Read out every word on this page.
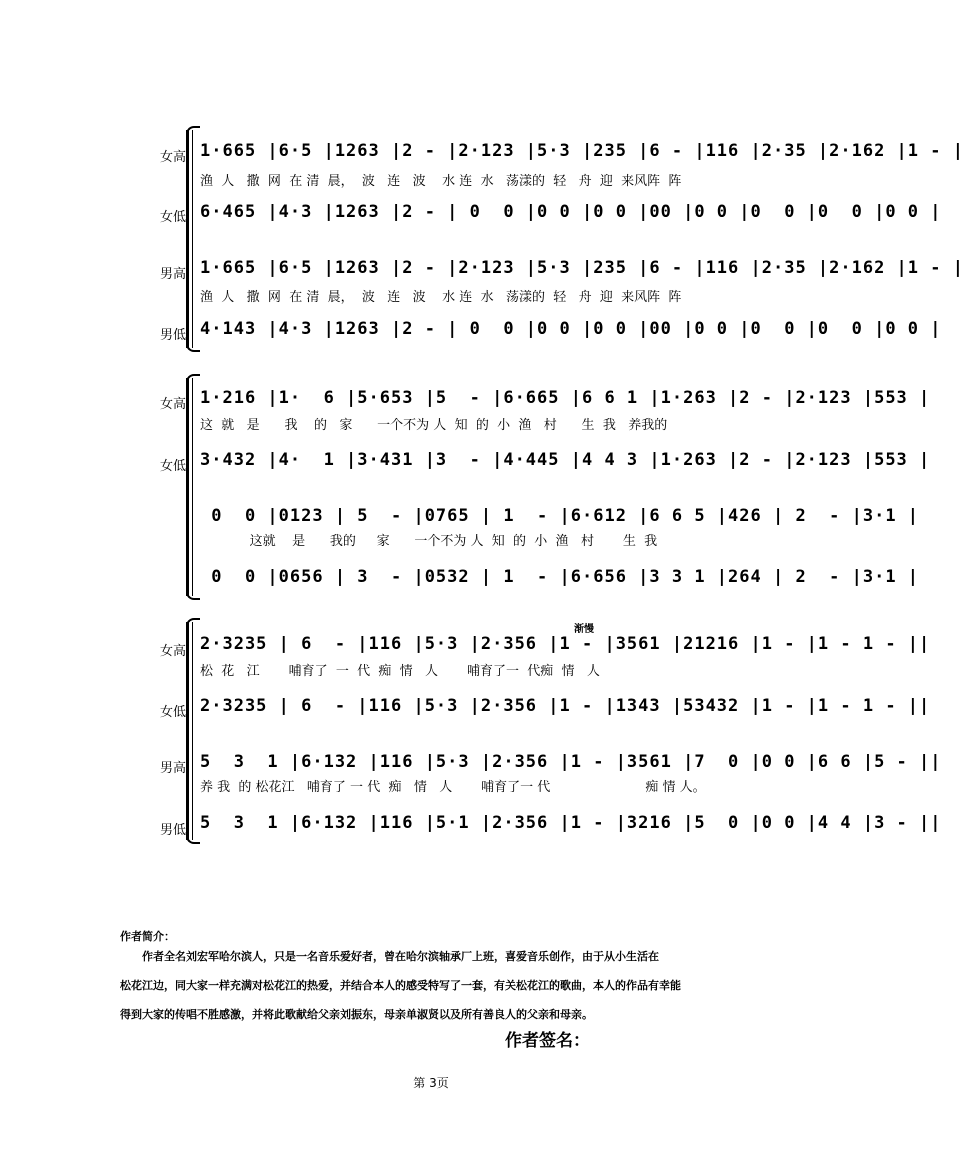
女高 1·665 |6·5 |1263 |2 - |2·123 |5·3 |235 |6 - |116 |2·35 |2·162 |1 - |
渔  人   撒  网  在 清  晨，  波   连   波    水 连  水   荡漾的  轻   舟  迎  来风阵  阵
女低 6·465 |4·3 |1263 |2 - | 0  0 |0 0 |0 0 |00 |0 0 |0  0 |0  0 |0 0 |
男高 1·665 |6·5 |1263 |2 - |2·123 |5·3 |235 |6 - |116 |2·35 |2·162 |1 - |
渔  人   撒  网  在 清  晨，  波   连   波    水 连  水   荡漾的  轻   舟  迎  来风阵  阵
男低 4·143 |4·3 |1263 |2 - | 0  0 |0 0 |0 0 |00 |0 0 |0  0 |0  0 |0 0 |
女高 1·216 |1·  6 |5·653 |5  - |6·665 |6 6 1 |1·263 |2 - |2·123 |553 |
这  就   是      我    的   家      一个不为 人  知  的  小  渔   村      生  我   养我的
女低 3·432 |4·  1 |3·431 |3  - |4·445 |4 4 3 |1·263 |2 - |2·123 |553 |
0  0 |0123 | 5  - |0765 | 1  - |6·612 |6 6 5 |426 | 2  - |3·1 |
这就    是      我的     家      一个不为 人  知  的  小  渔   村       生  我
0  0 |0656 | 3  - |0532 | 1  - |6·656 |3 3 1 |264 | 2  - |3·1 |
渐慢
女高 2·3235 | 6  - |116 |5·3 |2·356 |1 - |3561 |21216 |1 - |1 - 1 - ||
松  花   江       哺育了  一  代  痴  情   人       哺育了一  代痴  情   人
女低 2·3235 | 6  - |116 |5·3 |2·356 |1 - |1343 |53432 |1 - |1 - 1 - ||
男高 5  3  1 |6·132 |116 |5·3 |2·356 |1 - |3561 |7  0 |0 0 |6 6 |5 - ||
养 我  的 松花江   哺育了 一 代  痴   情   人       哺育了一 代                       痴 情 人。
男低 5  3  1 |6·132 |116 |5·1 |2·356 |1 - |3216 |5  0 |0 0 |4 4 |3 - ||
作者简介：
　　作者全名刘宏军哈尔滨人，只是一名音乐爱好者，曾在哈尔滨轴承厂上班，喜爱音乐创作，由于从小生活在
松花江边，同大家一样充满对松花江的热爱，并结合本人的感受特写了一套，有关松花江的歌曲，本人的作品有幸能
得到大家的传唱不胜感激，并将此歌献给父亲刘振东，母亲单淑贤以及所有善良人的父亲和母亲。
作者签名：
第 3页
